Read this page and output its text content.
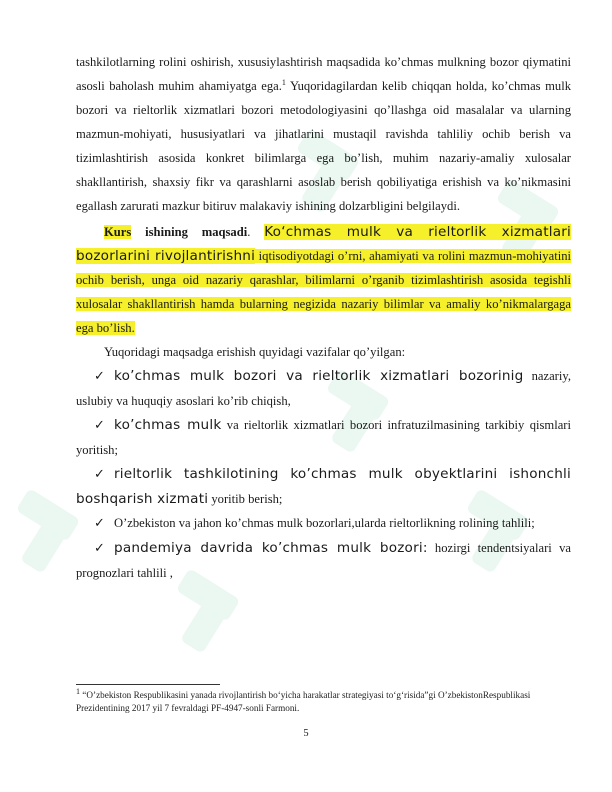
tashkilotlarning rolini oshirish, xususiylashtirish maqsadida ko’chmas mulkning bozor qiymatini asosli baholash muhim ahamiyatga ega.$^1$ Yuqoridagilardan kelib chiqqan holda, ko’chmas mulk bozori va rieltorlik xizmatlari bozori metodologiyasini qo’llashga oid masalalar va ularning mazmun-mohiyati, hususiyatlari va jihatlarini mustaqil ravishda tahliliy ochib berish va tizimlashtirish asosida konkret bilimlarga ega bo’lish, muhim nazariy-amaliy xulosalar shakllantirish, shaxsiy fikr va qarashlarni asoslab berish qobiliyatiga erishish va ko’nikmasini egallash zarurati mazkur bitiruv malakaviy ishining dolzarbligini belgilaydi.

Kurs ishining maqsadi. Ko‘chmas mulk va rieltorlik xizmatlari bozorlarini rivojlantirishni iqtisodiyotdagi o’rni, ahamiyati va rolini mazmun-mohiyatini ochib berish, unga oid nazariy qarashlar, bilimlarni o’rganib tizimlashtirish asosida tegishli xulosalar shakllantirish hamda bularning negizida nazariy bilimlar va amaliy ko’nikmalargaga ega bo’lish.

Yuqoridagi maqsadga erishish quyidagi vazifalar qo’yilgan:

✓ ko’chmas mulk bozori va rieltorlik xizmatlari bozorinig nazariy, uslubiy va huquqiy asoslari ko’rib chiqish,

✓ ko’chmas mulk va rieltorlik xizmatlari bozori infratuzilmasining tarkibiy qismlari yoritish;

✓ rieltorlik tashkilotining ko’chmas mulk obyektlarini ishonchli boshqarish xizmati yoritib berish;

✓ O’zbekiston va jahon ko’chmas mulk bozorlari,ularda rieltorlikning rolining tahlili;

✓ pandemiya davrida ko’chmas mulk bozori: hozirgi tendentsiyalari va prognozlari tahlili ,

$^1$ “O’zbekiston Respublikasini yanada rivojlantirish bo‘yicha harakatlar strategiyasi to‘g‘risida”gi O’zbekistonRespublikasi Prezidentining 2017 yil 7 fevraldagi PF-4947-sonli Farmoni.
5
